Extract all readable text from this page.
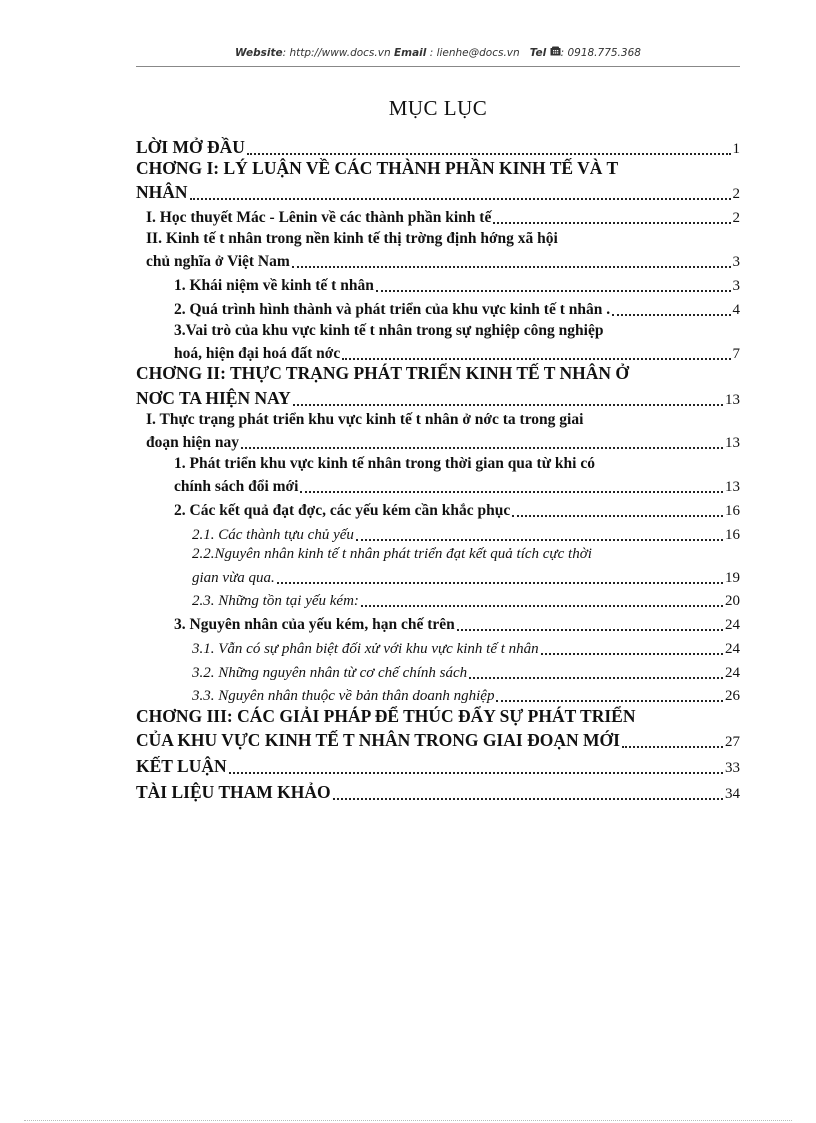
Website: http://www.docs.vn Email : lienhe@docs.vn Tel : 0918.775.368
MỤC LỤC
LỜI MỞ ĐẦU	1
CHƠNG I: LÝ LUẬN VỀ CÁC THÀNH PHẦN KINH TẾ VÀ T
NHÂN	2
I. Học thuyết Mác - Lênin về các thành phần kinh tế	2
II. Kinh tế t nhân trong nền kinh tế thị trờng định hớng xã hội
chủ nghĩa ở Việt Nam	3
1. Khái niệm về kinh tế t nhân	3
2. Quá trình hình thành và phát triển của khu vực kinh tế t nhân .	4
3.Vai trò của khu vực kinh tế t nhân trong sự nghiệp công nghiệp
hoá, hiện đại hoá đất nớc	7
CHƠNG II: THỰC TRẠNG PHÁT TRIỂN KINH TẾ T NHÂN Ở
NƠC TA HIỆN NAY	13
I. Thực trạng phát triển khu vực kinh tế t nhân ở nớc ta trong giai
đoạn hiện nay	13
1. Phát triển khu vực kinh tế nhân trong thời gian qua từ khi có
chính sách đổi mới	13
2. Các kết quả đạt đợc, các yếu kém cần khắc phục	16
2.1. Các thành tựu chủ yếu	16
2.2.Nguyên nhân kinh tế t nhân phát triển đạt kết quả tích cực thời
gian vừa qua.	19
2.3. Những tồn tại yếu kém:	20
3. Nguyên nhân của yếu kém, hạn chế trên	24
3.1. Vẫn có sự phân biệt đối xử với khu vực kinh tế t nhân	24
3.2. Những nguyên nhân từ cơ chế chính sách	24
3.3. Nguyên nhân thuộc về bản thân doanh nghiệp	26
CHƠNG III: CÁC GIẢI PHÁP ĐỂ THÚC ĐẨY SỰ PHÁT TRIỂN
CỦA KHU VỰC KINH TẾ T NHÂN TRONG GIAI ĐOẠN MỚI	27
KẾT LUẬN	33
TÀI LIỆU THAM KHẢO	34
